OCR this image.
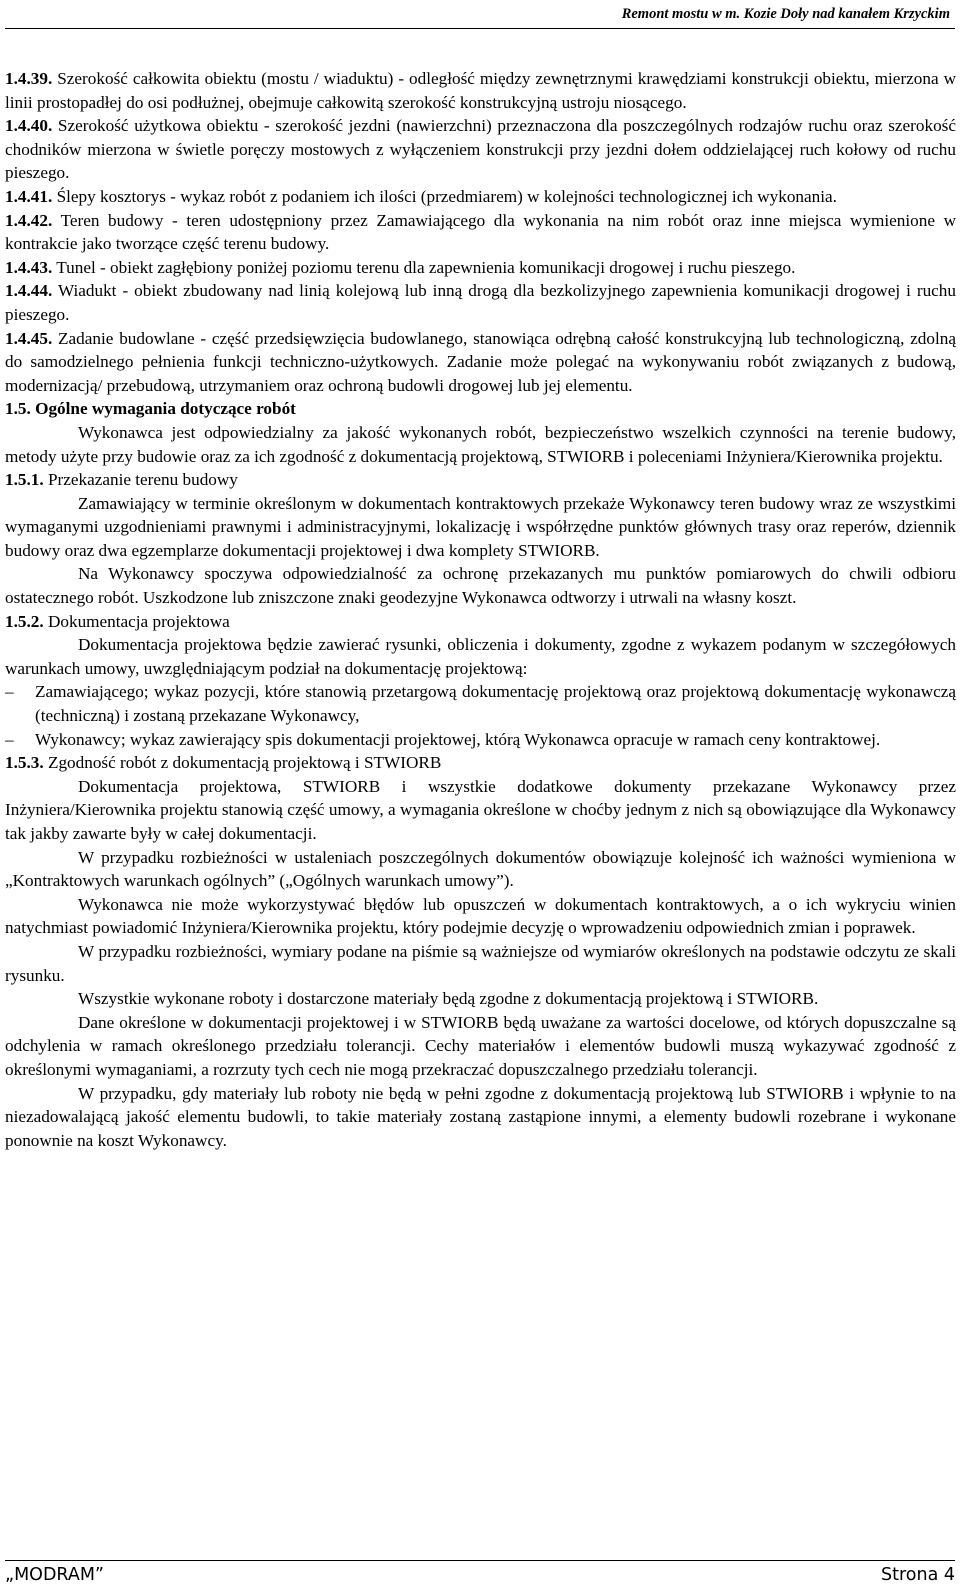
Remont mostu w m. Kozie Doły nad kanałem Krzyckim

1.4.39. Szerokość całkowita obiektu (mostu / wiaduktu) - odległość między zewnętrznymi krawędziami konstrukcji obiektu, mierzona w linii prostopadłej do osi podłużnej, obejmuje całkowitą szerokość konstrukcyjną ustroju niosącego.

1.4.40. Szerokość użytkowa obiektu - szerokość jezdni (nawierzchni) przeznaczona dla poszczególnych rodzajów ruchu oraz szerokość chodników mierzona w świetle poręczy mostowych z wyłączeniem konstrukcji przy jezdni dołem oddzielającej ruch kołowy od ruchu pieszego.

1.4.41. Ślepy kosztorys - wykaz robót z podaniem ich ilości (przedmiarem) w kolejności technologicznej ich wykonania.

1.4.42. Teren budowy - teren udostępniony przez Zamawiającego dla wykonania na nim robót oraz inne miejsca wymienione w kontrakcie jako tworzące część terenu budowy.

1.4.43. Tunel - obiekt zagłębiony poniżej poziomu terenu dla zapewnienia komunikacji drogowej i ruchu pieszego.

1.4.44. Wiadukt - obiekt zbudowany nad linią kolejową lub inną drogą dla bezkolizyjnego zapewnienia komunikacji drogowej i ruchu pieszego.

1.4.45. Zadanie budowlane - część przedsięwzięcia budowlanego, stanowiąca odrębną całość konstrukcyjną lub technologiczną, zdolną do samodzielnego pełnienia funkcji techniczno-użytkowych. Zadanie może polegać na wykonywaniu robót związanych z budową, modernizacją/ przebudową, utrzymaniem oraz ochroną budowli drogowej lub jej elementu.

1.5. Ogólne wymagania dotyczące robót

Wykonawca jest odpowiedzialny za jakość wykonanych robót, bezpieczeństwo wszelkich czynności na terenie budowy, metody użyte przy budowie oraz za ich zgodność z dokumentacją projektową, STWIORB i poleceniami Inżyniera/Kierownika projektu.

1.5.1. Przekazanie terenu budowy

Zamawiający w terminie określonym w dokumentach kontraktowych przekaże Wykonawcy teren budowy wraz ze wszystkimi wymaganymi uzgodnieniami prawnymi i administracyjnymi, lokalizację i współrzędne punktów głównych trasy oraz reperów, dziennik budowy oraz dwa egzemplarze dokumentacji projektowej i dwa komplety STWIORB.

Na Wykonawcy spoczywa odpowiedzialność za ochronę przekazanych mu punktów pomiarowych do chwili odbioru ostatecznego robót. Uszkodzone lub zniszczone znaki geodezyjne Wykonawca odtworzy i utrwali na własny koszt.

1.5.2. Dokumentacja projektowa

Dokumentacja projektowa będzie zawierać rysunki, obliczenia i dokumenty, zgodne z wykazem podanym w szczegółowych warunkach umowy, uwzględniającym podział na dokumentację projektową:

– Zamawiającego; wykaz pozycji, które stanowią przetargową dokumentację projektową oraz projektową dokumentację wykonawczą (techniczną) i zostaną przekazane Wykonawcy,

– Wykonawcy; wykaz zawierający spis dokumentacji projektowej, którą Wykonawca opracuje w ramach ceny kontraktowej.

1.5.3. Zgodność robót z dokumentacją projektową i STWIORB

Dokumentacja projektowa, STWIORB i wszystkie dodatkowe dokumenty przekazane Wykonawcy przez Inżyniera/Kierownika projektu stanowią część umowy, a wymagania określone w choćby jednym z nich są obowiązujące dla Wykonawcy tak jakby zawarte były w całej dokumentacji.

W przypadku rozbieżności w ustaleniach poszczególnych dokumentów obowiązuje kolejność ich ważności wymieniona w „Kontraktowych warunkach ogólnych” („Ogólnych warunkach umowy”).

Wykonawca nie może wykorzystywać błędów lub opuszczeń w dokumentach kontraktowych, a o ich wykryciu winien natychmiast powiadomić Inżyniera/Kierownika projektu, który podejmie decyzję o wprowadzeniu odpowiednich zmian i poprawek.

W przypadku rozbieżności, wymiary podane na piśmie są ważniejsze od wymiarów określonych na podstawie odczytu ze skali rysunku.

Wszystkie wykonane roboty i dostarczone materiały będą zgodne z dokumentacją projektową i STWIORB.

Dane określone w dokumentacji projektowej i w STWIORB będą uważane za wartości docelowe, od których dopuszczalne są odchylenia w ramach określonego przedziału tolerancji. Cechy materiałów i elementów budowli muszą wykazywać zgodność z określonymi wymaganiami, a rozrzuty tych cech nie mogą przekraczać dopuszczalnego przedziału tolerancji.

W przypadku, gdy materiały lub roboty nie będą w pełni zgodne z dokumentacją projektową lub STWIORB i wpłynie to na niezadowalającą jakość elementu budowli, to takie materiały zostaną zastąpione innymi, a elementy budowli rozebrane i wykonane ponownie na koszt Wykonawcy.

„MODRAM”	Strona 4
